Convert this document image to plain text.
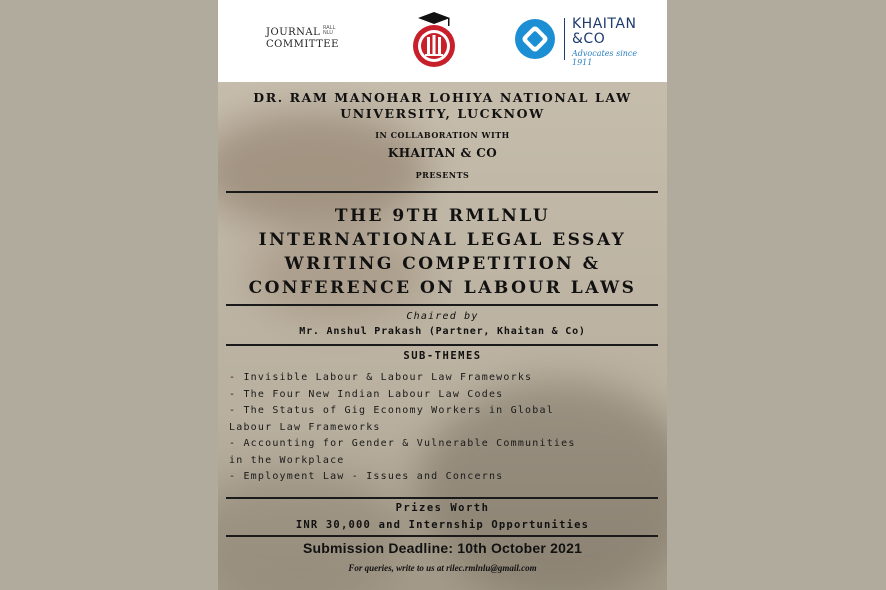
JOURNAL RALL
NLU
COMMITTEE
KHAITAN
&CO
Advocates since 1911
DR. RAM MANOHAR LOHIYA NATIONAL LAW
UNIVERSITY, LUCKNOW
IN COLLABORATION WITH
KHAITAN & CO
PRESENTS
THE 9TH RMLNLU
INTERNATIONAL LEGAL ESSAY
WRITING COMPETITION &
CONFERENCE ON LABOUR LAWS
Chaired by
Mr. Anshul Prakash (Partner, Khaitan & Co)
SUB-THEMES
- Invisible Labour & Labour Law Frameworks
- The Four New Indian Labour Law Codes
- The Status of Gig Economy Workers in Global
Labour Law Frameworks
- Accounting for Gender & Vulnerable Communities
in the Workplace
- Employment Law - Issues and Concerns
Prizes Worth
INR 30,000 and Internship Opportunities
Submission Deadline: 10th October 2021
For queries, write to us at rilec.rmlnlu@gmail.com
